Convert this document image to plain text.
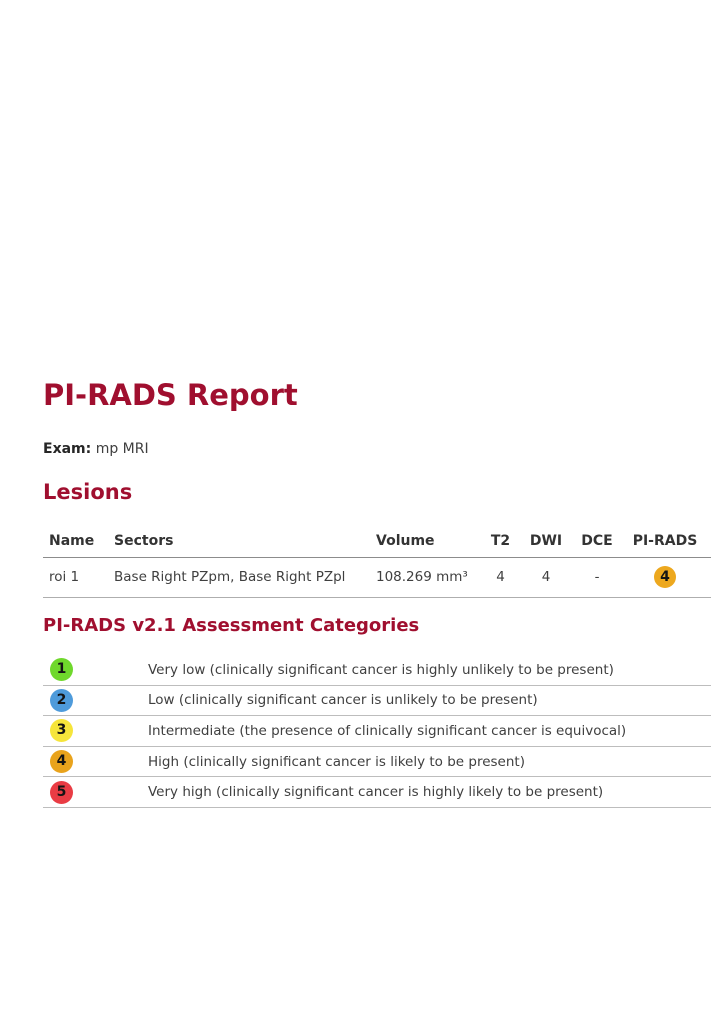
PI-RADS Report

Exam: mp MRI

Lesions
Name	Sectors	Volume	T2	DWI	DCE	PI-RADS
roi 1	Base Right PZpm, Base Right PZpl	108.269 mm³	4	4	-	4
PI-RADS v2.1 Assessment Categories
1	Very low (clinically significant cancer is highly unlikely to be present)
2	Low (clinically significant cancer is unlikely to be present)
3	Intermediate (the presence of clinically significant cancer is equivocal)
4	High (clinically significant cancer is likely to be present)
5	Very high (clinically significant cancer is highly likely to be present)
